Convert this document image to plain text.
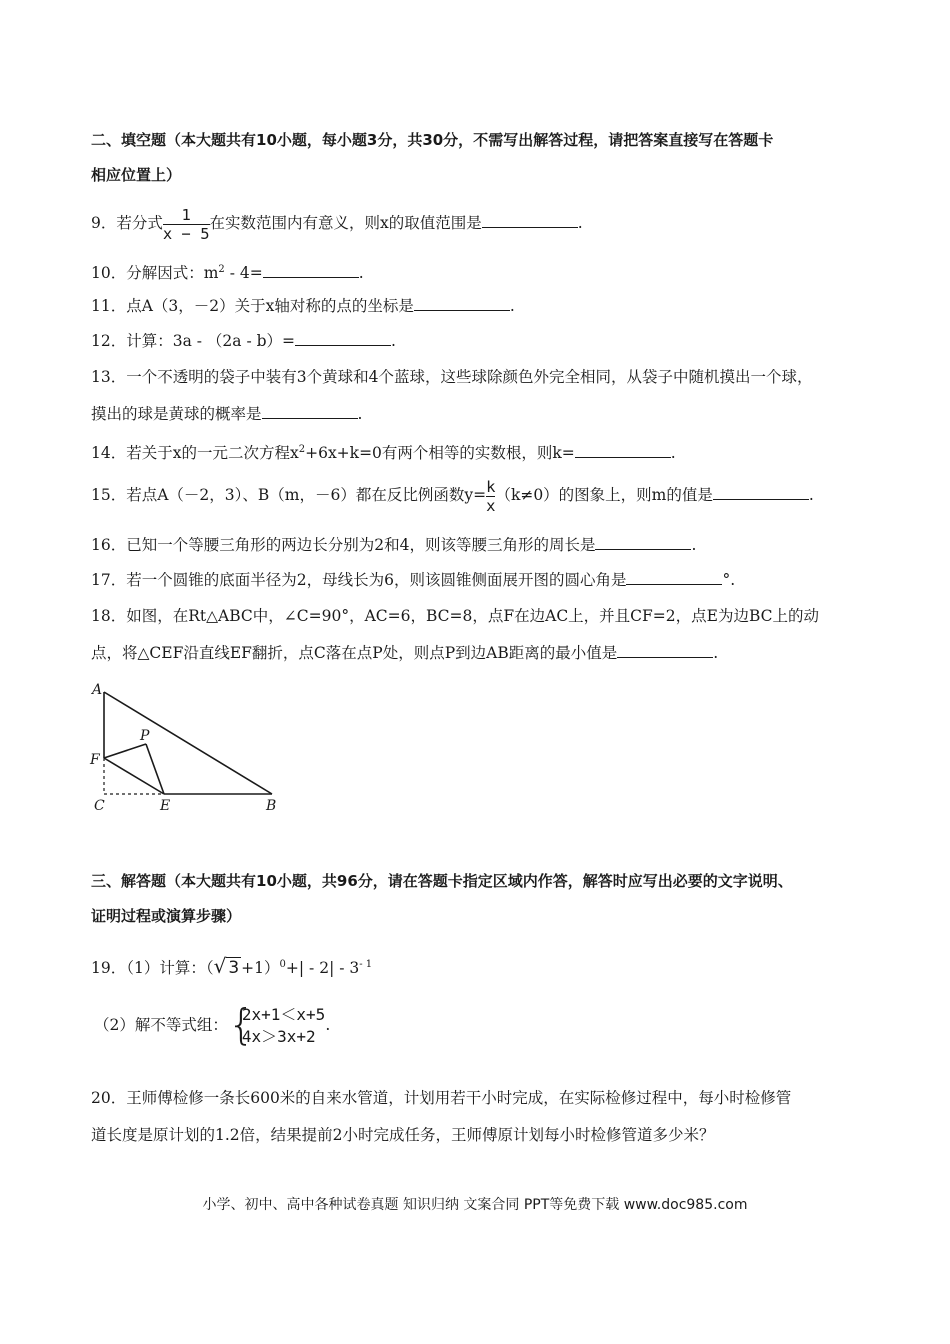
二、填空题（本大题共有10小题，每小题3分，共30分，不需写出解答过程，请把答案直接写在答题卡
相应位置上）
9．若分式 $\frac{1}{x - 5}$ 在实数范围内有意义，则x的取值范围是	.
10．分解因式：$m^2 - 4=$	.
11．点A（3，－2）关于x轴对称的点的坐标是	.
12．计算：3a - （2a - b）=	.
13．一个不透明的袋子中装有3个黄球和4个蓝球，这些球除颜色外完全相同，从袋子中随机摸出一个球，
摸出的球是黄球的概率是	.
14．若关于x的一元二次方程$x^2+6x+k=0$有两个相等的实数根，则k=	.
15．若点A（－2，3）、B（m，－6）都在反比例函数$y= \frac{k}{x} (k\ne 0)$的图象上，则m的值是	.
16．已知一个等腰三角形的两边长分别为2和4，则该等腰三角形的周长是	.
17．若一个圆锥的底面半径为2，母线长为6，则该圆锥侧面展开图的圆心角是	°.
18．如图，在Rt△ABC中，∠C=90°，AC=6，BC=8，点F在边AC上，并且CF=2，点E为边BC上的动
点，将△CEF沿直线EF翻折，点C落在点P处，则点P到边AB距离的最小值是	.
A
F
C	E	B
P
三、解答题（本大题共有10小题，共96分，请在答题卡指定区域内作答，解答时应写出必要的文字说明、
证明过程或演算步骤）
19．（1）计算：（√ $3 +1)^0+| - 2| - 3^{- 1}$
（2）解不等式组： {
2x+1＜x+5
4x＞3x+2
.
20．王师傅检修一条长600米的自来水管道，计划用若干小时完成，在实际检修过程中，每小时检修管
道长度是原计划的1.2倍，结果提前2小时完成任务，王师傅原计划每小时检修管道多少米？
小学、初中、高中各种试卷真题 知识归纳 文案合同 PPT等免费下载 www.doc985.com
